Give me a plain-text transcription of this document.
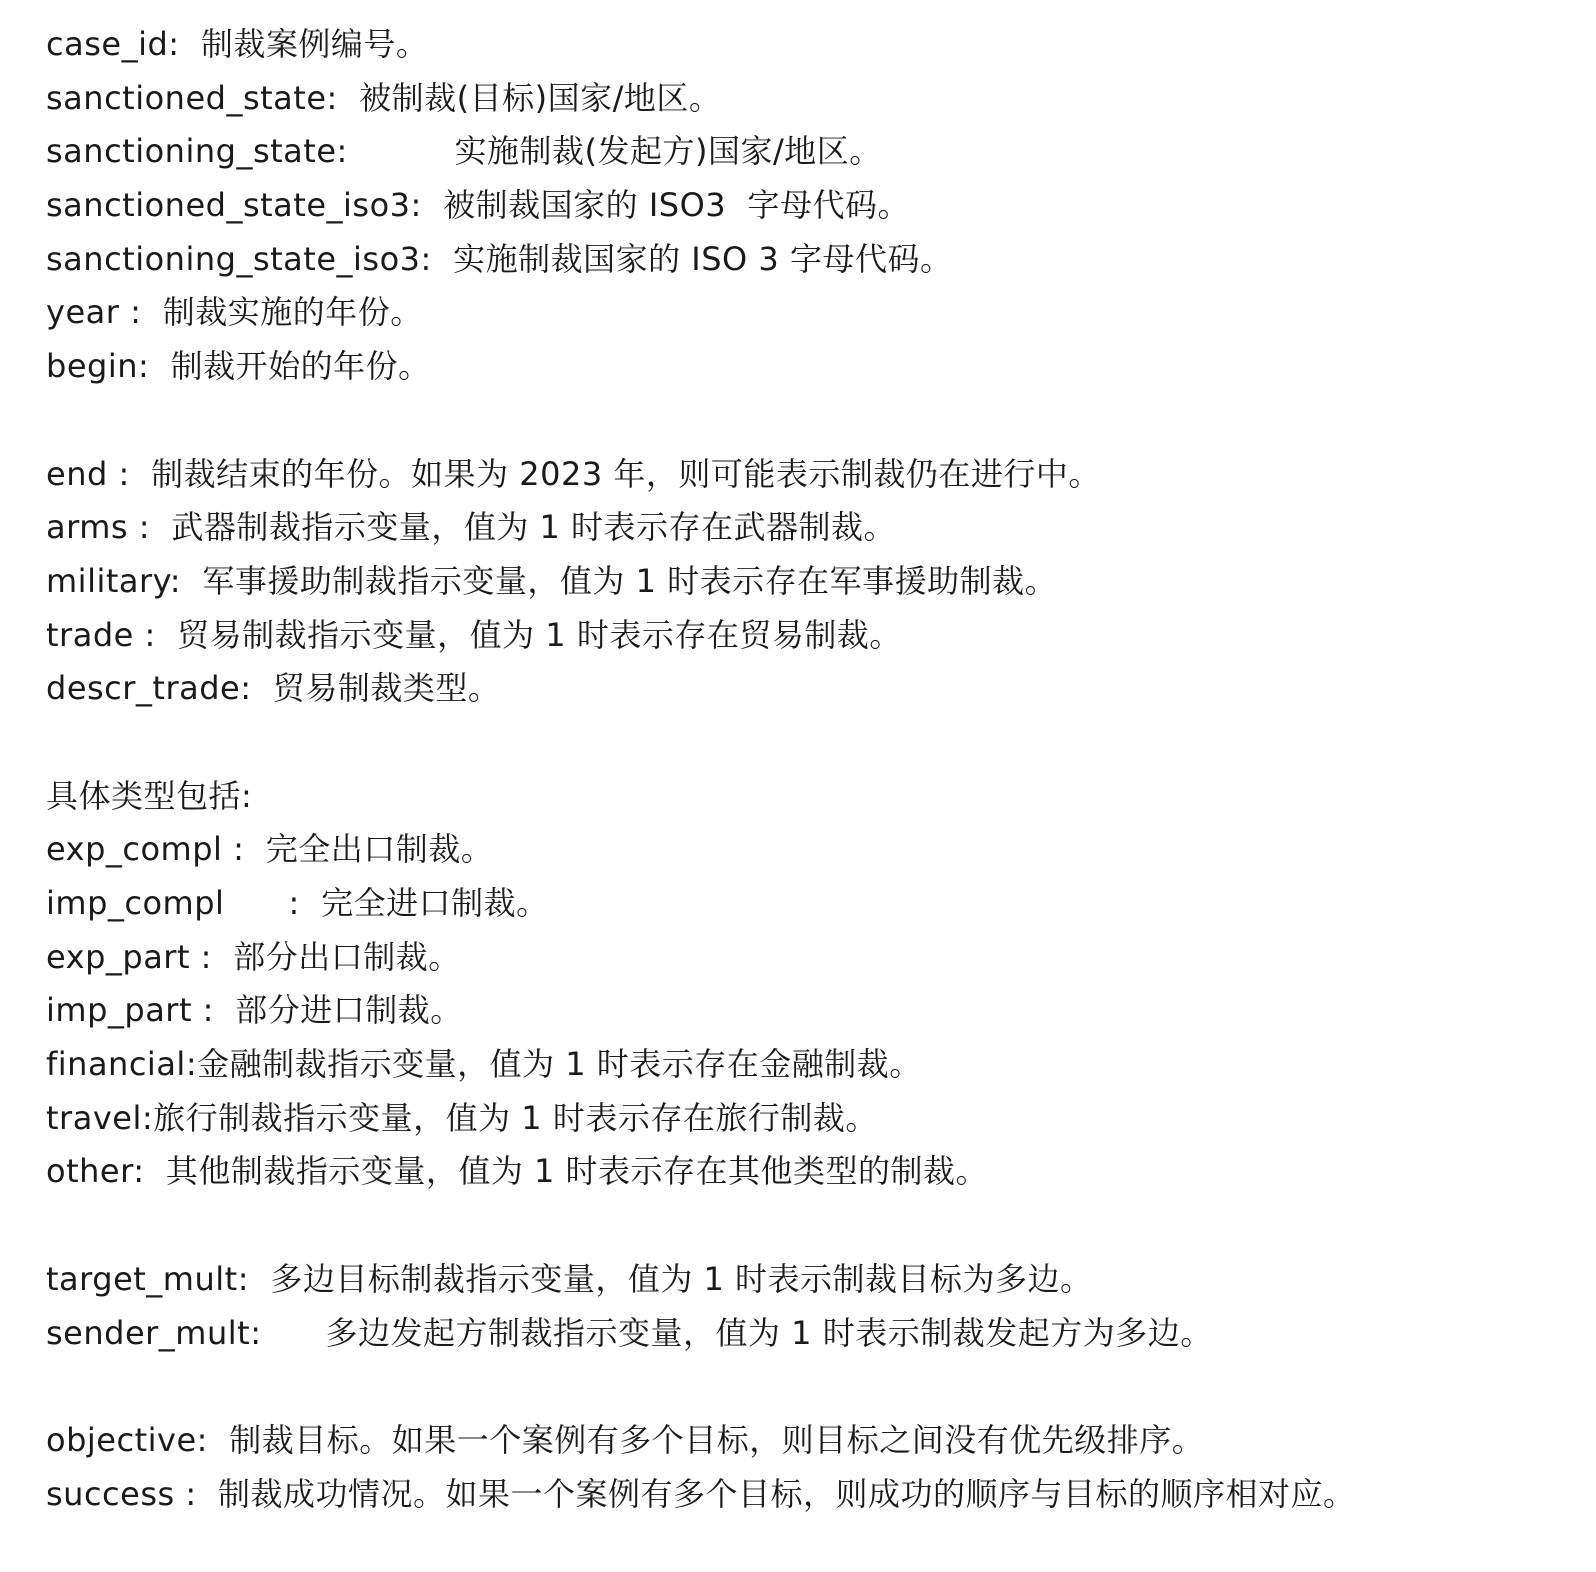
case_id:  制裁案例编号。
sanctioned_state:  被制裁(目标)国家/地区。
sanctioning_state:          实施制裁(发起方)国家/地区。
sanctioned_state_iso3:  被制裁国家的 ISO3  字母代码。
sanctioning_state_iso3:  实施制裁国家的 ISO 3 字母代码。
year :  制裁实施的年份。
begin:  制裁开始的年份。
end :  制裁结束的年份。如果为 2023 年，则可能表示制裁仍在进行中。
arms :  武器制裁指示变量，值为 1 时表示存在武器制裁。
military:  军事援助制裁指示变量，值为 1 时表示存在军事援助制裁。
trade :  贸易制裁指示变量，值为 1 时表示存在贸易制裁。
descr_trade:  贸易制裁类型。
具体类型包括:
exp_compl :  完全出口制裁。
imp_compl      :  完全进口制裁。
exp_part :  部分出口制裁。
imp_part :  部分进口制裁。
financial:金融制裁指示变量，值为 1 时表示存在金融制裁。
travel:旅行制裁指示变量，值为 1 时表示存在旅行制裁。
other:  其他制裁指示变量，值为 1 时表示存在其他类型的制裁。
target_mult:  多边目标制裁指示变量，值为 1 时表示制裁目标为多边。
sender_mult:      多边发起方制裁指示变量，值为 1 时表示制裁发起方为多边。
objective:  制裁目标。如果一个案例有多个目标，则目标之间没有优先级排序。
success :  制裁成功情况。如果一个案例有多个目标，则成功的顺序与目标的顺序相对应。
